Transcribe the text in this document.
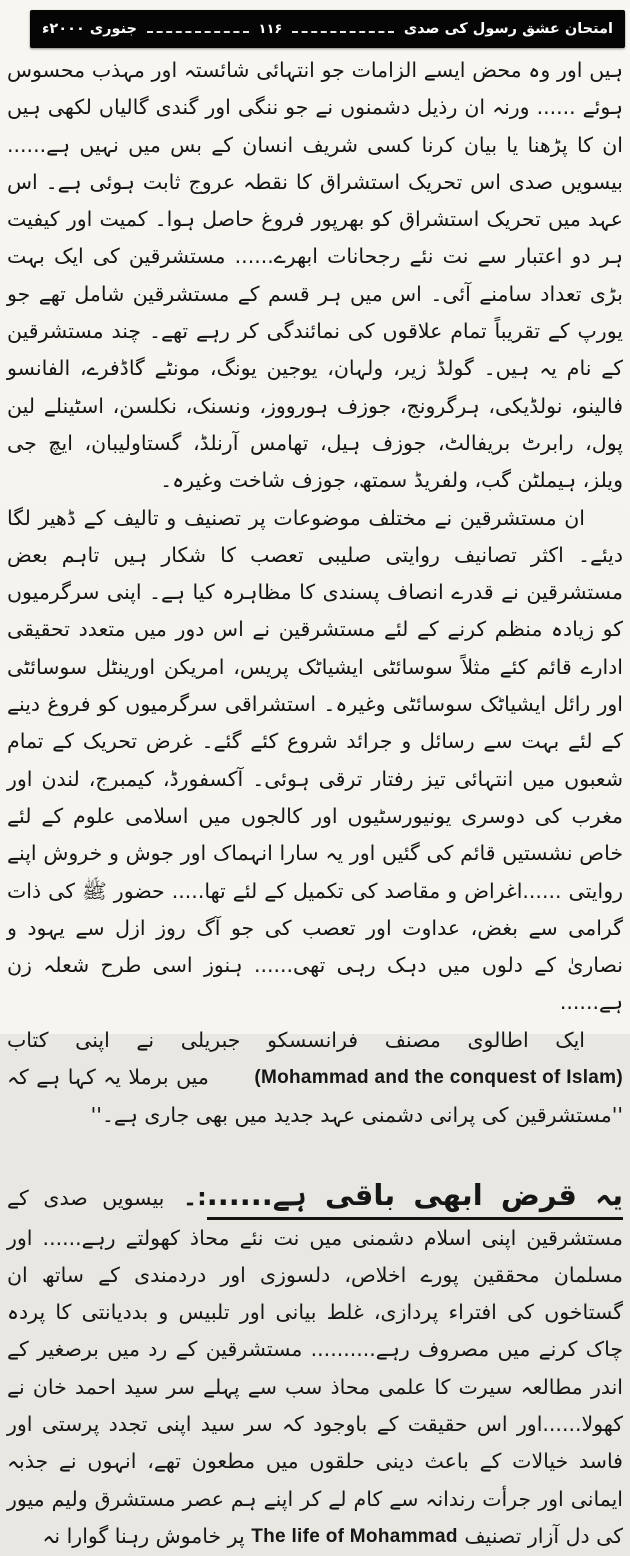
امتحان عشق رسول کی صدی
۱۱۶
جنوری ۲۰۰۰ء

ہیں اور وہ محض ایسے الزامات جو انتہائی شائستہ اور مہذب محسوس ہوئے ...... ورنہ ان رذیل دشمنوں نے جو ننگی اور گندی گالیاں لکھی ہیں ان کا پڑھنا یا بیان کرنا کسی شریف انسان کے بس میں نہیں ہے...... بیسویں صدی اس تحریک استشراق کا نقطہ عروج ثابت ہوئی ہے۔ اس عہد میں تحریک استشراق کو بھرپور فروغ حاصل ہوا۔ کمیت اور کیفیت ہر دو اعتبار سے نت نئے رجحانات ابھرے...... مستشرقین کی ایک بہت بڑی تعداد سامنے آئی۔ اس میں ہر قسم کے مستشرقین شامل تھے جو یورپ کے تقریباً تمام علاقوں کی نمائندگی کر رہے تھے۔ چند مستشرقین کے نام یہ ہیں۔ گولڈ زیر، ولہان، یوجین یونگ، مونٹے گاڈفرے، الفانسو فالینو، نولڈیکی، ہرگرونج، جوزف ہورووز، ونسنک، نکلسن، اسٹینلے لین پول، رابرٹ بریفالٹ، جوزف ہیل، تھامس آرنلڈ، گستاولیبان، ایچ جی ویلز، ہیملٹن گب، ولفریڈ سمتھ، جوزف شاخت وغیرہ۔

ان مستشرقین نے مختلف موضوعات پر تصنیف و تالیف کے ڈھیر لگا دیئے۔ اکثر تصانیف روایتی صلیبی تعصب کا شکار ہیں تاہم بعض مستشرقین نے قدرے انصاف پسندی کا مظاہرہ کیا ہے۔ اپنی سرگرمیوں کو زیادہ منظم کرنے کے لئے مستشرقین نے اس دور میں متعدد تحقیقی ادارے قائم کئے مثلاً سوسائٹی ایشیاٹک پریس، امریکن اورینٹل سوسائٹی اور رائل ایشیاٹک سوسائٹی وغیرہ۔ استشراقی سرگرمیوں کو فروغ دینے کے لئے بہت سے رسائل و جرائد شروع کئے گئے۔ غرض تحریک کے تمام شعبوں میں انتہائی تیز رفتار ترقی ہوئی۔ آکسفورڈ، کیمبرج، لندن اور مغرب کی دوسری یونیورسٹیوں اور کالجوں میں اسلامی علوم کے لئے خاص نشستیں قائم کی گئیں اور یہ سارا انہماک اور جوش و خروش اپنے روایتی ......اغراض و مقاصد کی تکمیل کے لئے تھا..... حضور ﷺ کی ذات گرامی سے بغض، عداوت اور تعصب کی جو آگ روز ازل سے یہود و نصاریٰ کے دلوں میں دہک رہی تھی...... ہنوز اسی طرح شعلہ زن ہے......

ایک اطالوی مصنف فرانسسکو جبریلی نے اپنی کتاب (Mohammad and the conquest of Islam) میں برملا یہ کہا ہے کہ ''مستشرقین کی پرانی دشمنی عہد جدید میں بھی جاری ہے۔''

یہ قرض ابھی باقی ہے......:۔ بیسویں صدی کے مستشرقین اپنی اسلام دشمنی میں نت نئے محاذ کھولتے رہے...... اور مسلمان محققین پورے اخلاص، دلسوزی اور دردمندی کے ساتھ ان گستاخوں کی افتراء پردازی، غلط بیانی اور تلبیس و بددیانتی کا پردہ چاک کرنے میں مصروف رہے.......... مستشرقین کے رد میں برصغیر کے اندر مطالعہ سیرت کا علمی محاذ سب سے پہلے سر سید احمد خان نے کھولا......اور اس حقیقت کے باوجود کہ سر سید اپنی تجدد پرستی اور فاسد خیالات کے باعث دینی حلقوں میں مطعون تھے، انہوں نے جذبہ ایمانی اور جرأت رندانہ سے کام لے کر اپنے ہم عصر مستشرق ولیم میور کی دل آزار تصنیف The life of Mohammad پر خاموش رہنا گوارا نہ
